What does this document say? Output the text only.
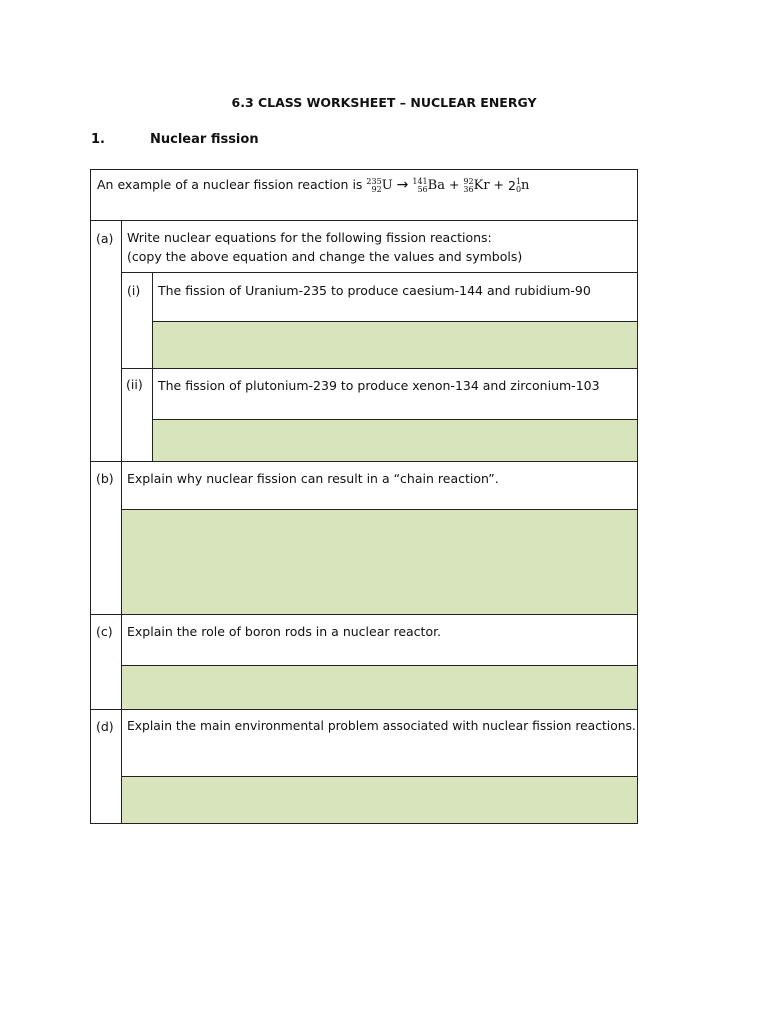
6.3 CLASS WORKSHEET – NUCLEAR ENERGY
1.	Nuclear fission
An example of a nuclear fission reaction is 235
92 U → 141
56 Ba + 92
36 Kr + 2 1
0 n
(a) Write nuclear equations for the following fission reactions:
(copy the above equation and change the values and symbols)
(i) The fission of Uranium-235 to produce caesium-144 and rubidium-90
(ii) The fission of plutonium-239 to produce xenon-134 and zirconium-103
(b) Explain why nuclear fission can result in a “chain reaction”.
(c) Explain the role of boron rods in a nuclear reactor.
(d) Explain the main environmental problem associated with nuclear fission reactions.
